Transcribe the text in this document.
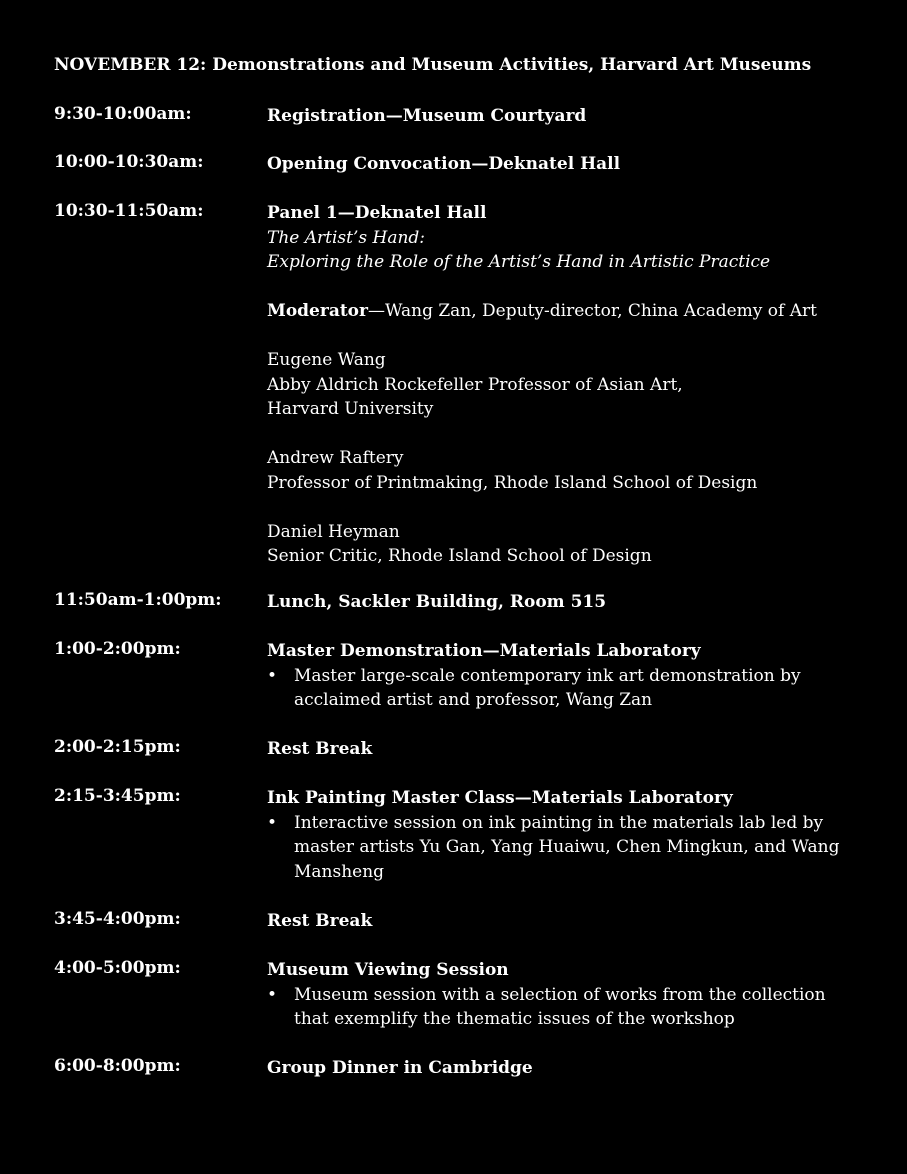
NOVEMBER 12: Demonstrations and Museum Activities, Harvard Art Museums
9:30-10:00am:	Registration—Museum Courtyard
10:00-10:30am:	Opening Convocation—Deknatel Hall
10:30-11:50am:	Panel 1—Deknatel Hall
The Artist’s Hand:
Exploring the Role of the Artist’s Hand in Artistic Practice
Moderator—Wang Zan, Deputy-director, China Academy of Art
Eugene Wang
Abby Aldrich Rockefeller Professor of Asian Art,
Harvard University
Andrew Raftery
Professor of Printmaking, Rhode Island School of Design
Daniel Heyman
Senior Critic, Rhode Island School of Design
11:50am-1:00pm:	Lunch, Sackler Building, Room 515
1:00-2:00pm:	Master Demonstration—Materials Laboratory
• Master large-scale contemporary ink art demonstration by
acclaimed artist and professor, Wang Zan
2:00-2:15pm:	Rest Break
2:15-3:45pm:	Ink Painting Master Class—Materials Laboratory
• Interactive session on ink painting in the materials lab led by
master artists Yu Gan, Yang Huaiwu, Chen Mingkun, and Wang
Mansheng
3:45-4:00pm:	Rest Break
4:00-5:00pm:	Museum Viewing Session
• Museum session with a selection of works from the collection
that exemplify the thematic issues of the workshop
6:00-8:00pm:	Group Dinner in Cambridge
